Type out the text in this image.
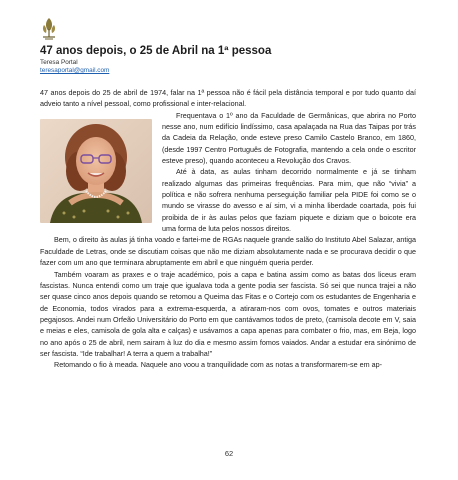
47 anos depois, o 25 de Abril na 1ª pessoa
Teresa Portal
teresaportal@gmail.com

47 anos depois do 25 de abril de 1974, falar na 1ª pessoa não é fácil pela distância temporal e por tudo quanto daí adveio tanto a nível pessoal, como profissional e inter-relacional.

Frequentava o 1º ano da Faculdade de Germânicas, que abrira no Porto nesse ano, num edifício lindíssimo, casa apalaçada na Rua das Taipas por trás da Cadeia da Relação, onde esteve preso Camilo Castelo Branco, em 1860, (desde 1997 Centro Português de Fotografia, mantendo a cela onde o escritor esteve preso), quando aconteceu a Revolução dos Cravos.

Até à data, as aulas tinham decorrido normalmente e já se tinham realizado algumas das primeiras frequências. Para mim, que não “vivia” a política e não sofrera nenhuma perseguição familiar pela PIDE foi como se o mundo se virasse do avesso e aí sim, vi a minha liberdade coartada, pois fui proibida de ir às aulas pelos que faziam piquete e diziam que o boicote era uma forma de luta pelos nossos direitos.

Bem, o direito às aulas já tinha voado e fartei-me de RGAs naquele grande salão do Instituto Abel Salazar, antiga Faculdade de Letras, onde se discutiam coisas que não me diziam absolutamente nada e se procurava decidir o que fazer com um ano que terminara abruptamente em abril e que ninguém queria perder.

Também voaram as praxes e o traje académico, pois a capa e batina assim como as batas dos liceus eram fascistas. Nunca entendi como um traje que igualava toda a gente podia ser fascista. Só sei que nunca trajei a não ser quase cinco anos depois quando se retomou a Queima das Fitas e o Cortejo com os estudantes de Engenharia e de Economia, todos virados para a extrema-esquerda, a atiraram-nos com ovos, tomates e outros materiais pegajosos. Andei num Orfeão Universitário do Porto em que cantávamos todos de preto, (camisola decote em V, saia e meias e eles, camisola de gola alta e calças) e usávamos a capa apenas para combater o frio, mas, em Beja, logo no ano após o 25 de abril, nem sairam à luz do dia e mesmo assim fomos vaiados. Andar a estudar era sinónimo de ser fascista. “Ide trabalhar! A terra a quem a trabalha!”

Retomando o fio à meada. Naquele ano voou a tranquilidade com as notas a transformarem-se em ap-

62
